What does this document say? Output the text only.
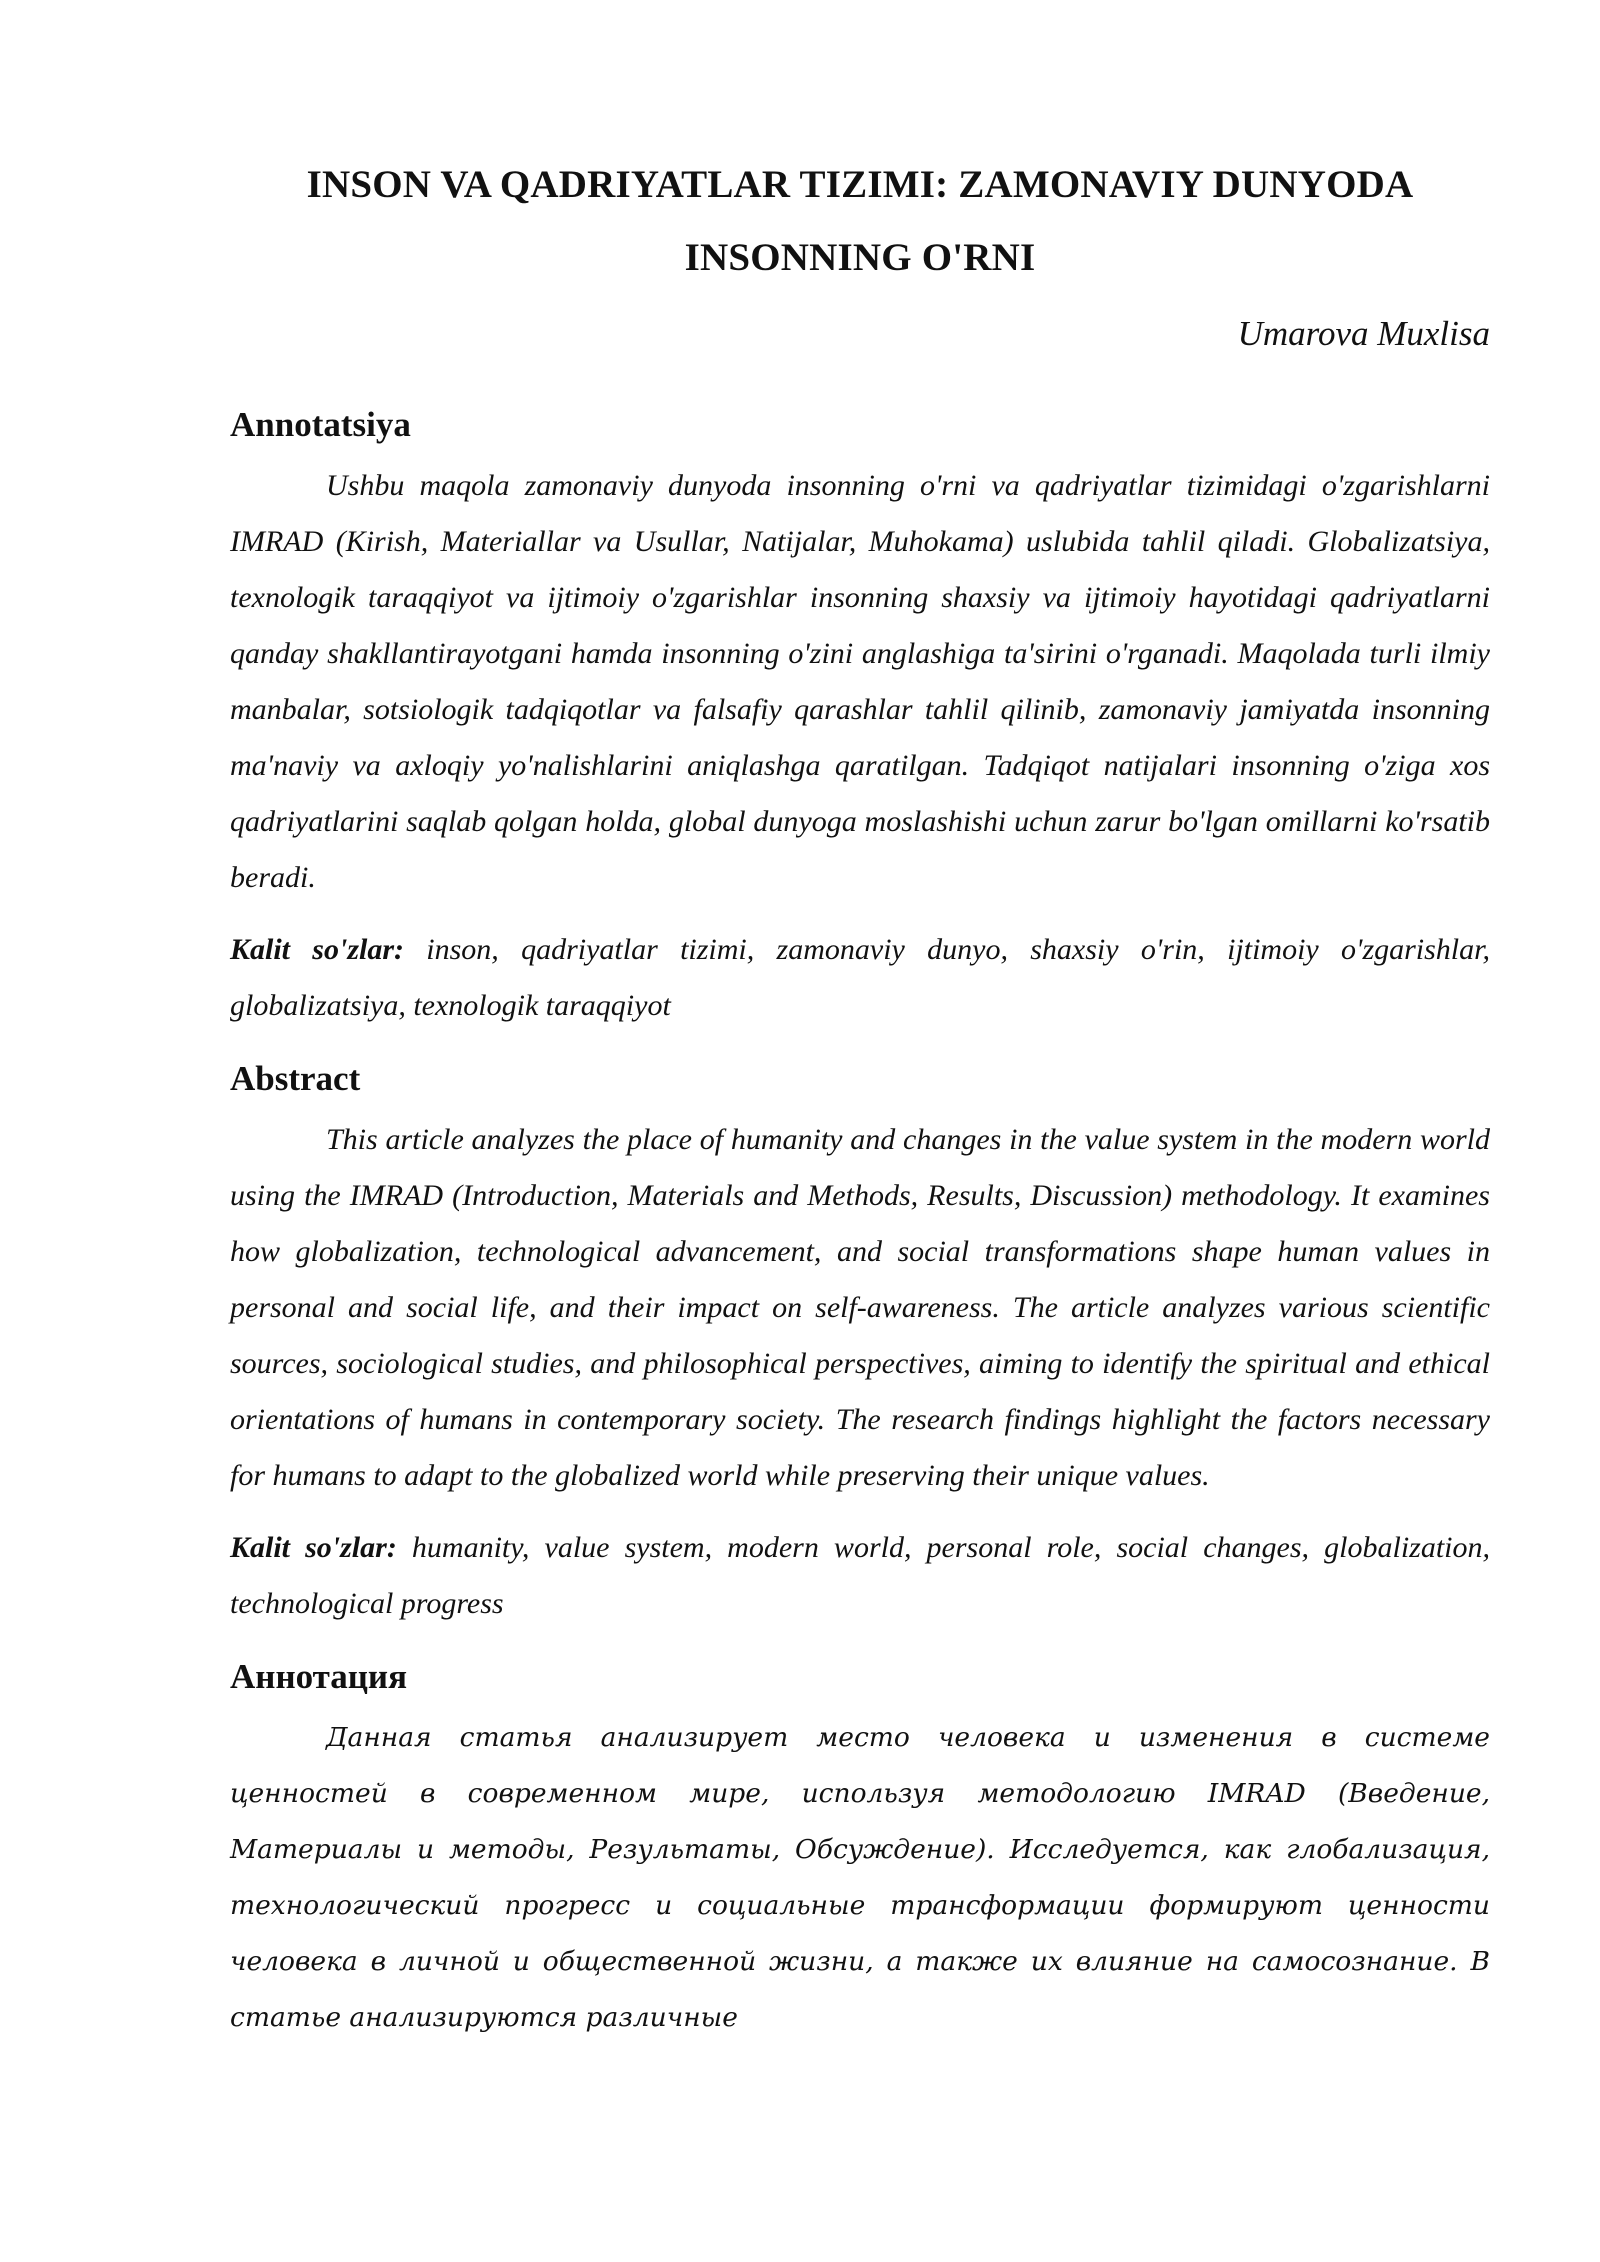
INSON VA QADRIYATLAR TIZIMI: ZAMONAVIY DUNYODA
INSONNING O'RNI

Umarova Muxlisa

Annotatsiya

Ushbu maqola zamonaviy dunyoda insonning o'rni va qadriyatlar tizimidagi o'zgarishlarni IMRAD (Kirish, Materiallar va Usullar, Natijalar, Muhokama) uslubida tahlil qiladi. Globalizatsiya, texnologik taraqqiyot va ijtimoiy o'zgarishlar insonning shaxsiy va ijtimoiy hayotidagi qadriyatlarni qanday shakllantirayotgani hamda insonning o'zini anglashiga ta'sirini o'rganadi. Maqolada turli ilmiy manbalar, sotsiologik tadqiqotlar va falsafiy qarashlar tahlil qilinib, zamonaviy jamiyatda insonning ma'naviy va axloqiy yo'nalishlarini aniqlashga qaratilgan. Tadqiqot natijalari insonning o'ziga xos qadriyatlarini saqlab qolgan holda, global dunyoga moslashishi uchun zarur bo'lgan omillarni ko'rsatib beradi.

Kalit so'zlar: inson, qadriyatlar tizimi, zamonaviy dunyo, shaxsiy o'rin, ijtimoiy o'zgarishlar, globalizatsiya, texnologik taraqqiyot

Abstract

This article analyzes the place of humanity and changes in the value system in the modern world using the IMRAD (Introduction, Materials and Methods, Results, Discussion) methodology. It examines how globalization, technological advancement, and social transformations shape human values in personal and social life, and their impact on self-awareness. The article analyzes various scientific sources, sociological studies, and philosophical perspectives, aiming to identify the spiritual and ethical orientations of humans in contemporary society. The research findings highlight the factors necessary for humans to adapt to the globalized world while preserving their unique values.

Kalit so'zlar: humanity, value system, modern world, personal role, social changes, globalization, technological progress

Аннотация

Данная статья анализирует место человека и изменения в системе ценностей в современном мире, используя методологию IMRAD (Введение, Материалы и методы, Результаты, Обсуждение). Исследуется, как глобализация, технологический прогресс и социальные трансформации формируют ценности человека в личной и общественной жизни, а также их влияние на самосознание. В статье анализируются различные
